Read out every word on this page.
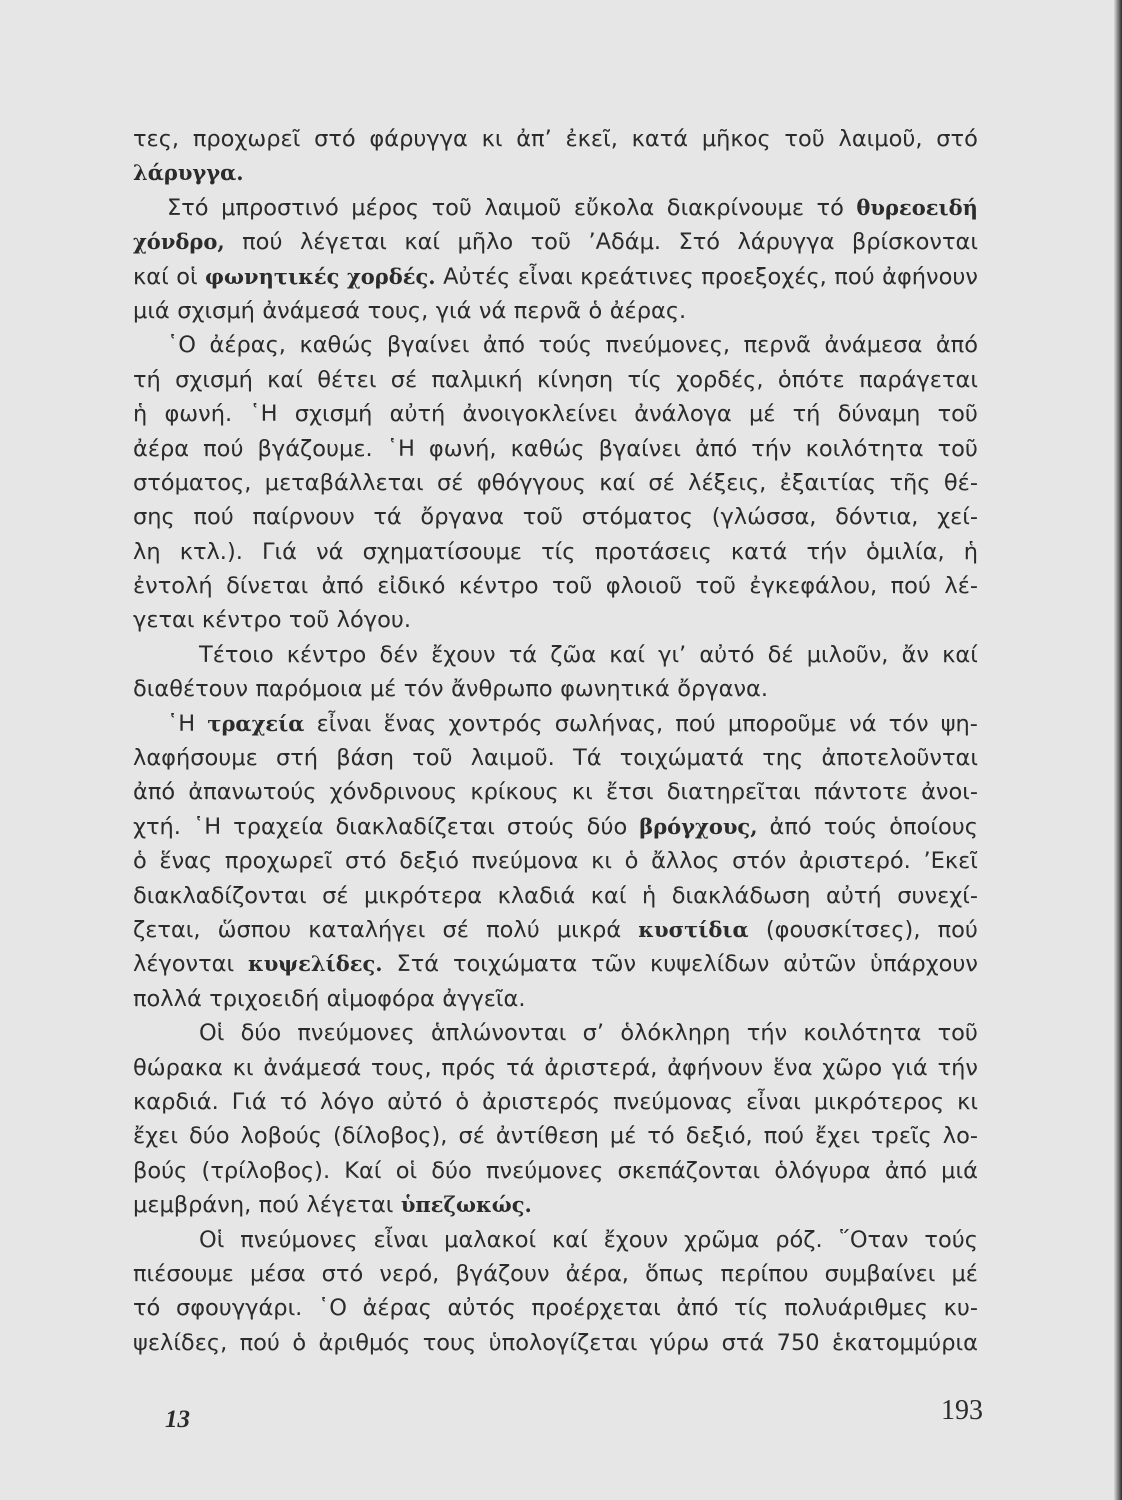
τες, προχωρεῖ στό φάρυγγα κι ἀπ’ ἐκεῖ, κατά μῆκος τοῦ λαιμοῦ, στό
λάρυγγα.
Στό μπροστινό μέρος τοῦ λαιμοῦ εὔκολα διακρίνουμε τό θυρεοειδή
χόνδρο, πού λέγεται καί μῆλο τοῦ ’Αδάμ. Στό λάρυγγα βρίσκονται
καί οἱ φωνητικές χορδές. Αὐτές εἶναι κρεάτινες προεξοχές, πού ἀφήνουν
μιά σχισμή ἀνάμεσά τους, γιά νά περνᾶ ὁ ἀέρας.
῾Ο ἀέρας, καθώς βγαίνει ἀπό τούς πνεύμονες, περνᾶ ἀνάμεσα ἀπό
τή σχισμή καί θέτει σέ παλμική κίνηση τίς χορδές, ὁπότε παράγεται
ἡ φωνή. ῾Η σχισμή αὐτή ἀνοιγοκλείνει ἀνάλογα μέ τή δύναμη τοῦ
ἀέρα πού βγάζουμε. ῾Η φωνή, καθώς βγαίνει ἀπό τήν κοιλότητα τοῦ
στόματος, μεταβάλλεται σέ φθόγγους καί σέ λέξεις, ἐξαιτίας τῆς θέ-
σης πού παίρνουν τά ὄργανα τοῦ στόματος (γλώσσα, δόντια, χεί-
λη κτλ.). Γιά νά σχηματίσουμε τίς προτάσεις κατά τήν ὁμιλία, ἡ
ἐντολή δίνεται ἀπό εἰδικό κέντρο τοῦ φλοιοῦ τοῦ ἐγκεφάλου, πού λέ-
γεται κέντρο τοῦ λόγου.
Τέτοιο κέντρο δέν ἔχουν τά ζῶα καί γι’ αὐτό δέ μιλοῦν, ἄν καί
διαθέτουν παρόμοια μέ τόν ἄνθρωπο φωνητικά ὄργανα.
῾Η τραχεία εἶναι ἕνας χοντρός σωλήνας, πού μποροῦμε νά τόν ψη-
λαφήσουμε στή βάση τοῦ λαιμοῦ. Τά τοιχώματά της ἀποτελοῦνται
ἀπό ἀπανωτούς χόνδρινους κρίκους κι ἔτσι διατηρεῖται πάντοτε ἀνοι-
χτή. ῾Η τραχεία διακλαδίζεται στούς δύο βρόγχους, ἀπό τούς ὁποίους
ὁ ἕνας προχωρεῖ στό δεξιό πνεύμονα κι ὁ ἄλλος στόν ἀριστερό. ’Εκεῖ
διακλαδίζονται σέ μικρότερα κλαδιά καί ἡ διακλάδωση αὐτή συνεχί-
ζεται, ὥσπου καταλήγει σέ πολύ μικρά κυστίδια (φουσκίτσες), πού
λέγονται κυψελίδες. Στά τοιχώματα τῶν κυψελίδων αὐτῶν ὑπάρχουν
πολλά τριχοειδή αἱμοφόρα ἀγγεῖα.
Οἱ δύο πνεύμονες ἁπλώνονται σ’ ὁλόκληρη τήν κοιλότητα τοῦ
θώρακα κι ἀνάμεσά τους, πρός τά ἀριστερά, ἀφήνουν ἕνα χῶρο γιά τήν
καρδιά. Γιά τό λόγο αὐτό ὁ ἀριστερός πνεύμονας εἶναι μικρότερος κι
ἔχει δύο λοβούς (δίλοβος), σέ ἀντίθεση μέ τό δεξιό, πού ἔχει τρεῖς λο-
βούς (τρίλοβος). Καί οἱ δύο πνεύμονες σκεπάζονται ὁλόγυρα ἀπό μιά
μεμβράνη, πού λέγεται ὑπεζωκώς.
Οἱ πνεύμονες εἶναι μαλακοί καί ἔχουν χρῶμα ρόζ. ῞Οταν τούς
πιέσουμε μέσα στό νερό, βγάζουν ἀέρα, ὅπως περίπου συμβαίνει μέ
τό σφουγγάρι. ῾Ο ἀέρας αὐτός προέρχεται ἀπό τίς πολυάριθμες κυ-
ψελίδες, πού ὁ ἀριθμός τους ὑπολογίζεται γύρω στά 750 ἑκατομμύρια
13	193
